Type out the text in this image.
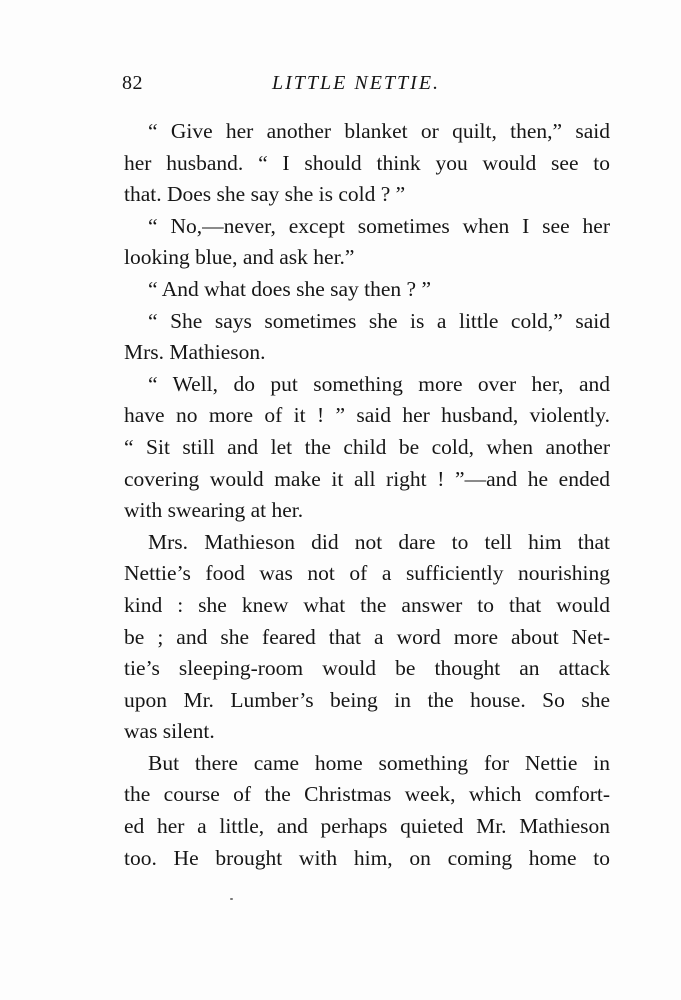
82	LITTLE NETTIE.
“ Give her another blanket or quilt, then,” said
her husband. “ I should think you would see to
that. Does she say she is cold ? ”
“ No,—never, except sometimes when I see her
looking blue, and ask her.”
“ And what does she say then ? ”
“ She says sometimes she is a little cold,” said
Mrs. Mathieson.
“ Well, do put something more over her, and
have no more of it ! ” said her husband, violently.
“ Sit still and let the child be cold, when another
covering would make it all right ! ”—and he ended
with swearing at her.
Mrs. Mathieson did not dare to tell him that
Nettie’s food was not of a sufficiently nourishing
kind : she knew what the answer to that would
be ; and she feared that a word more about Net-
tie’s sleeping-room would be thought an attack
upon Mr. Lumber’s being in the house. So she
was silent.
But there came home something for Nettie in
the course of the Christmas week, which comfort-
ed her a little, and perhaps quieted Mr. Mathieson
too. He brought with him, on coming home to
